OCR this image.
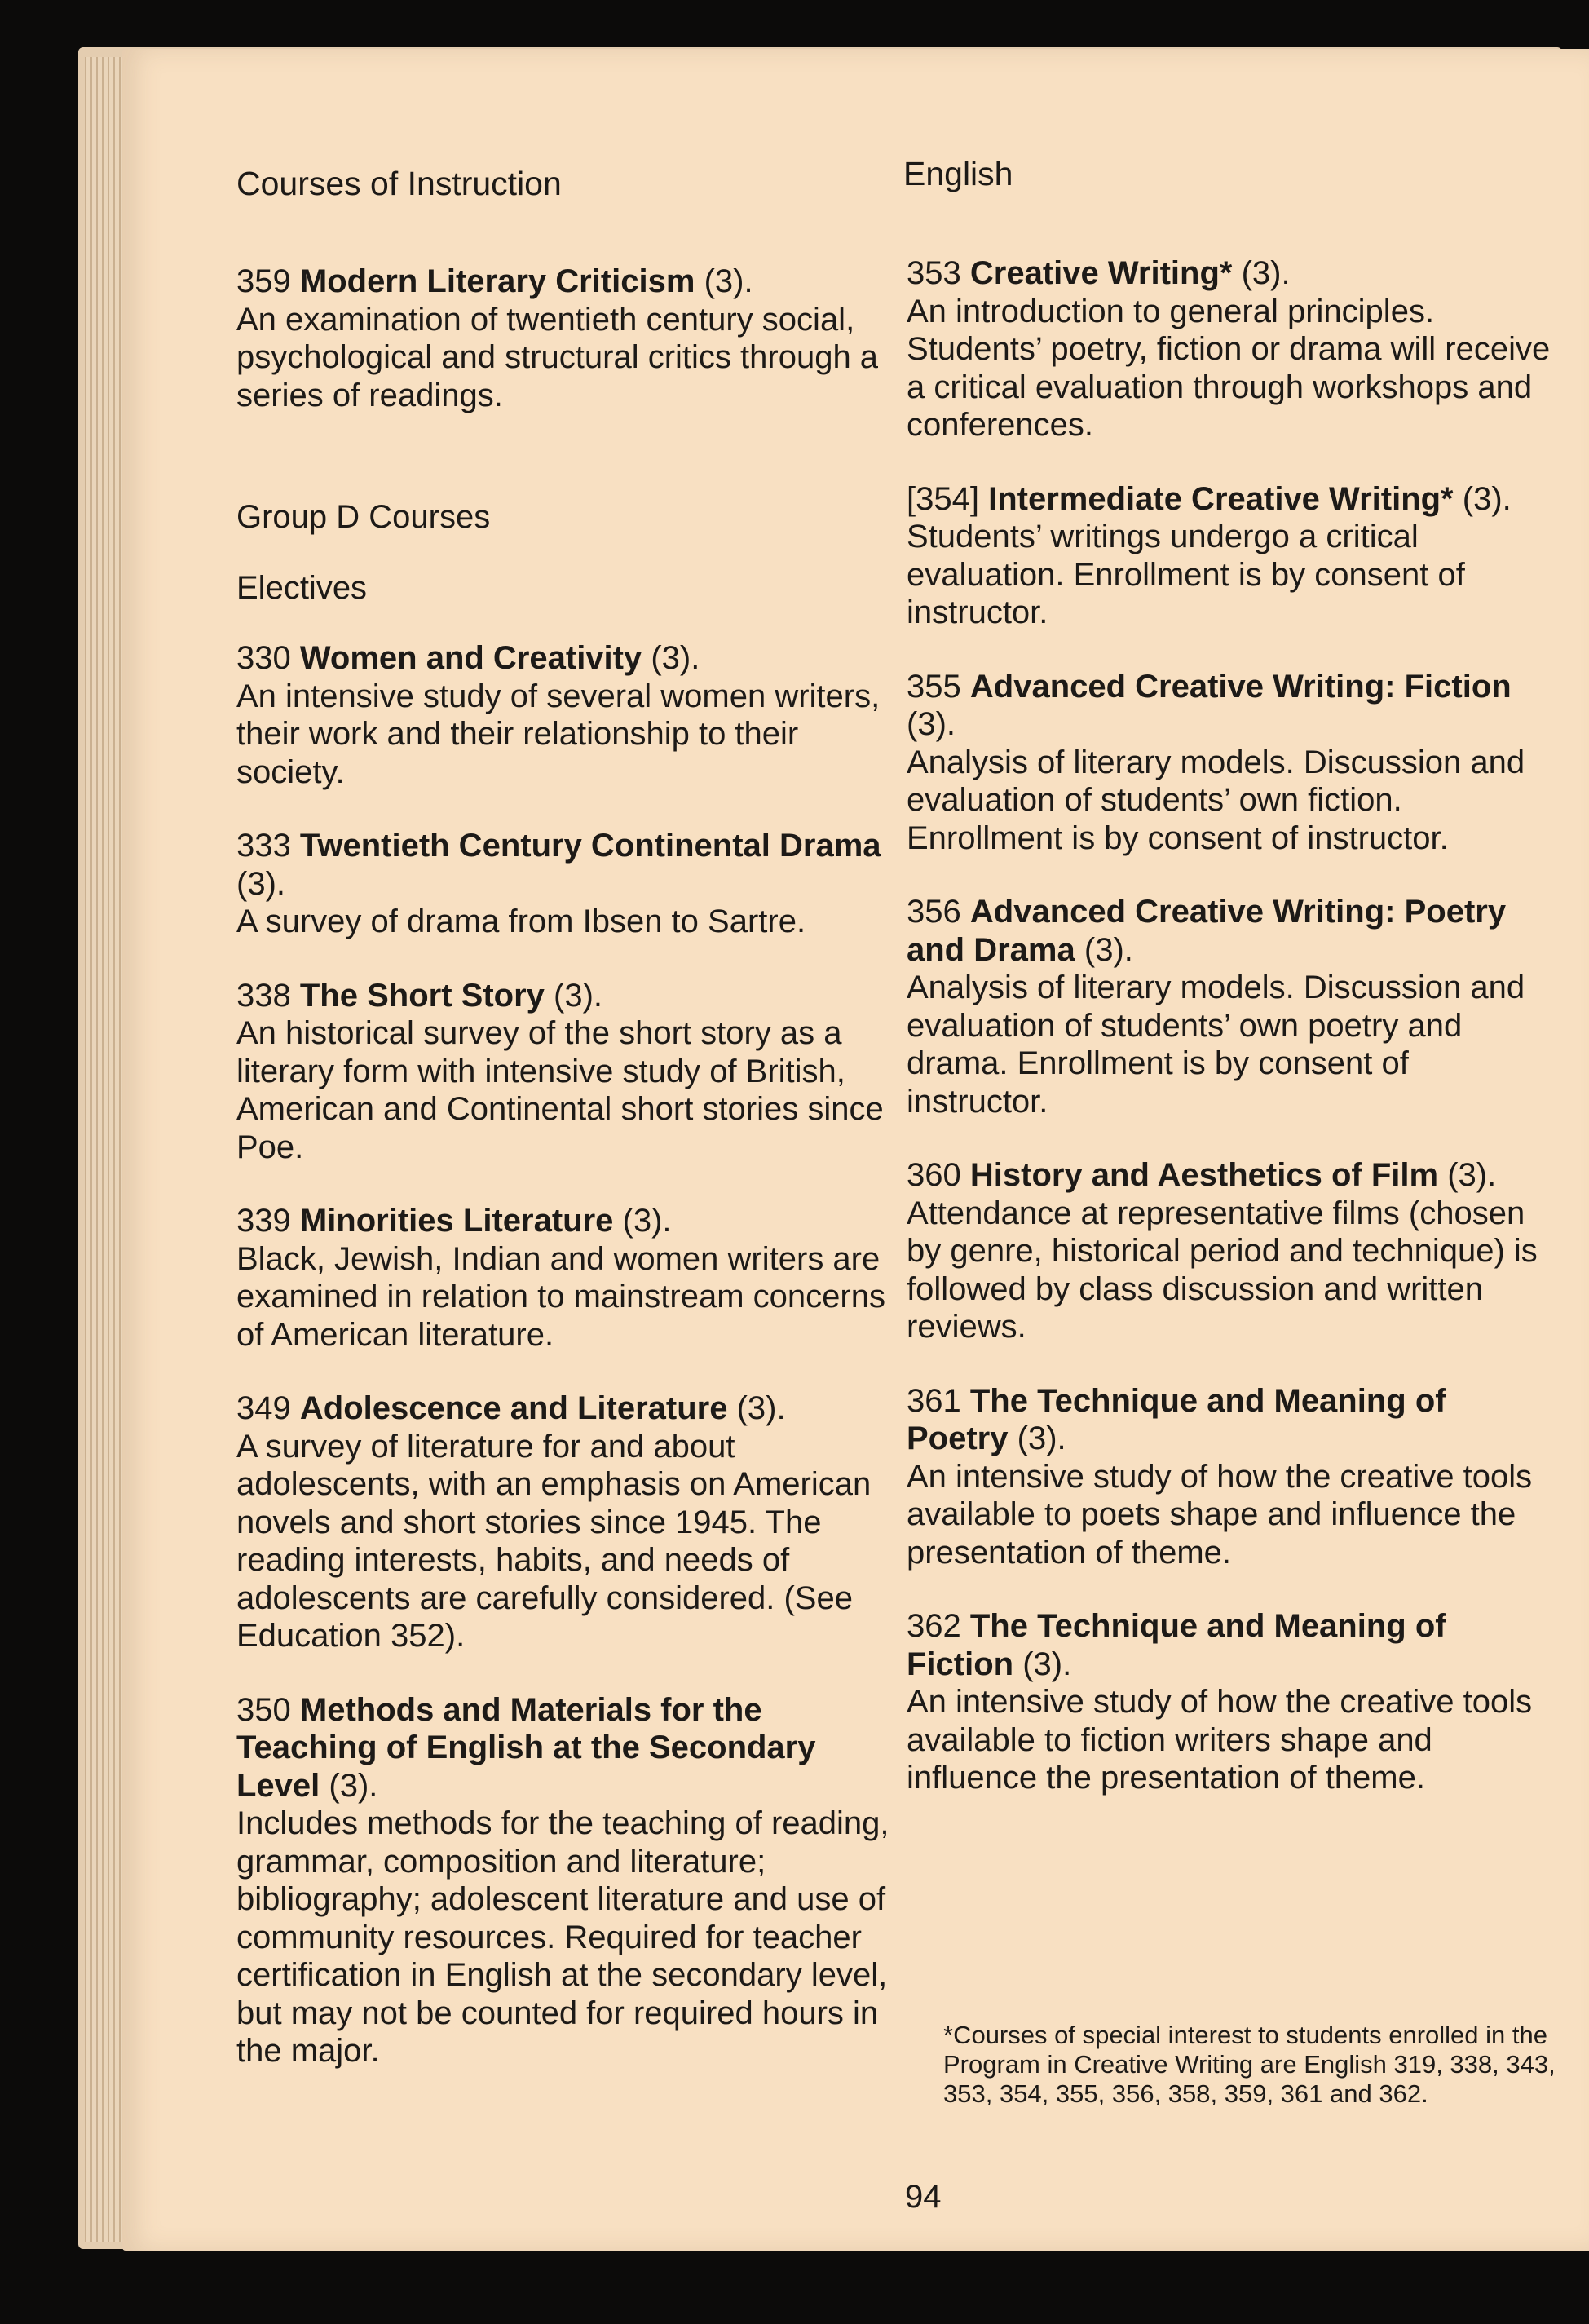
Courses of Instruction	English

359 Modern Literary Criticism (3).

An examination of twentieth century social, psychological and structural critics through a series of readings.

Group D Courses
Electives

330 Women and Creativity (3).

An intensive study of several women writers, their work and their relationship to their society.

333 Twentieth Century Continental Drama (3).

A survey of drama from Ibsen to Sartre.

338 The Short Story (3).

An historical survey of the short story as a literary form with intensive study of British, American and Continental short stories since Poe.

339 Minorities Literature (3).

Black, Jewish, Indian and women writers are examined in relation to mainstream concerns of American literature.

349 Adolescence and Literature (3).

A survey of literature for and about adolescents, with an emphasis on American novels and short stories since 1945. The reading interests, habits, and needs of adolescents are carefully considered. (See Education 352).

350 Methods and Materials for the Teaching of English at the Secondary Level (3).

Includes methods for the teaching of reading, grammar, composition and literature; bibliography; adolescent literature and use of community resources. Required for teacher certification in English at the secondary level, but may not be counted for required hours in the major.

353 Creative Writing* (3).

An introduction to general principles. Students’ poetry, fiction or drama will receive a critical evaluation through workshops and conferences.

[354] Intermediate Creative Writing* (3).

Students’ writings undergo a critical evaluation. Enrollment is by consent of instructor.

355 Advanced Creative Writing: Fiction (3).

Analysis of literary models. Discussion and evaluation of students’ own fiction. Enrollment is by consent of instructor.

356 Advanced Creative Writing: Poetry and Drama (3).

Analysis of literary models. Discussion and evaluation of students’ own poetry and drama. Enrollment is by consent of instructor.

360 History and Aesthetics of Film (3).

Attendance at representative films (chosen by genre, historical period and technique) is followed by class discussion and written reviews.

361 The Technique and Meaning of Poetry (3).

An intensive study of how the creative tools available to poets shape and influence the presentation of theme.

362 The Technique and Meaning of Fiction (3).

An intensive study of how the creative tools available to fiction writers shape and influence the presentation of theme.

*Courses of special interest to students enrolled in the Program in Creative Writing are English 319, 338, 343, 353, 354, 355, 356, 358, 359, 361 and 362.
94
